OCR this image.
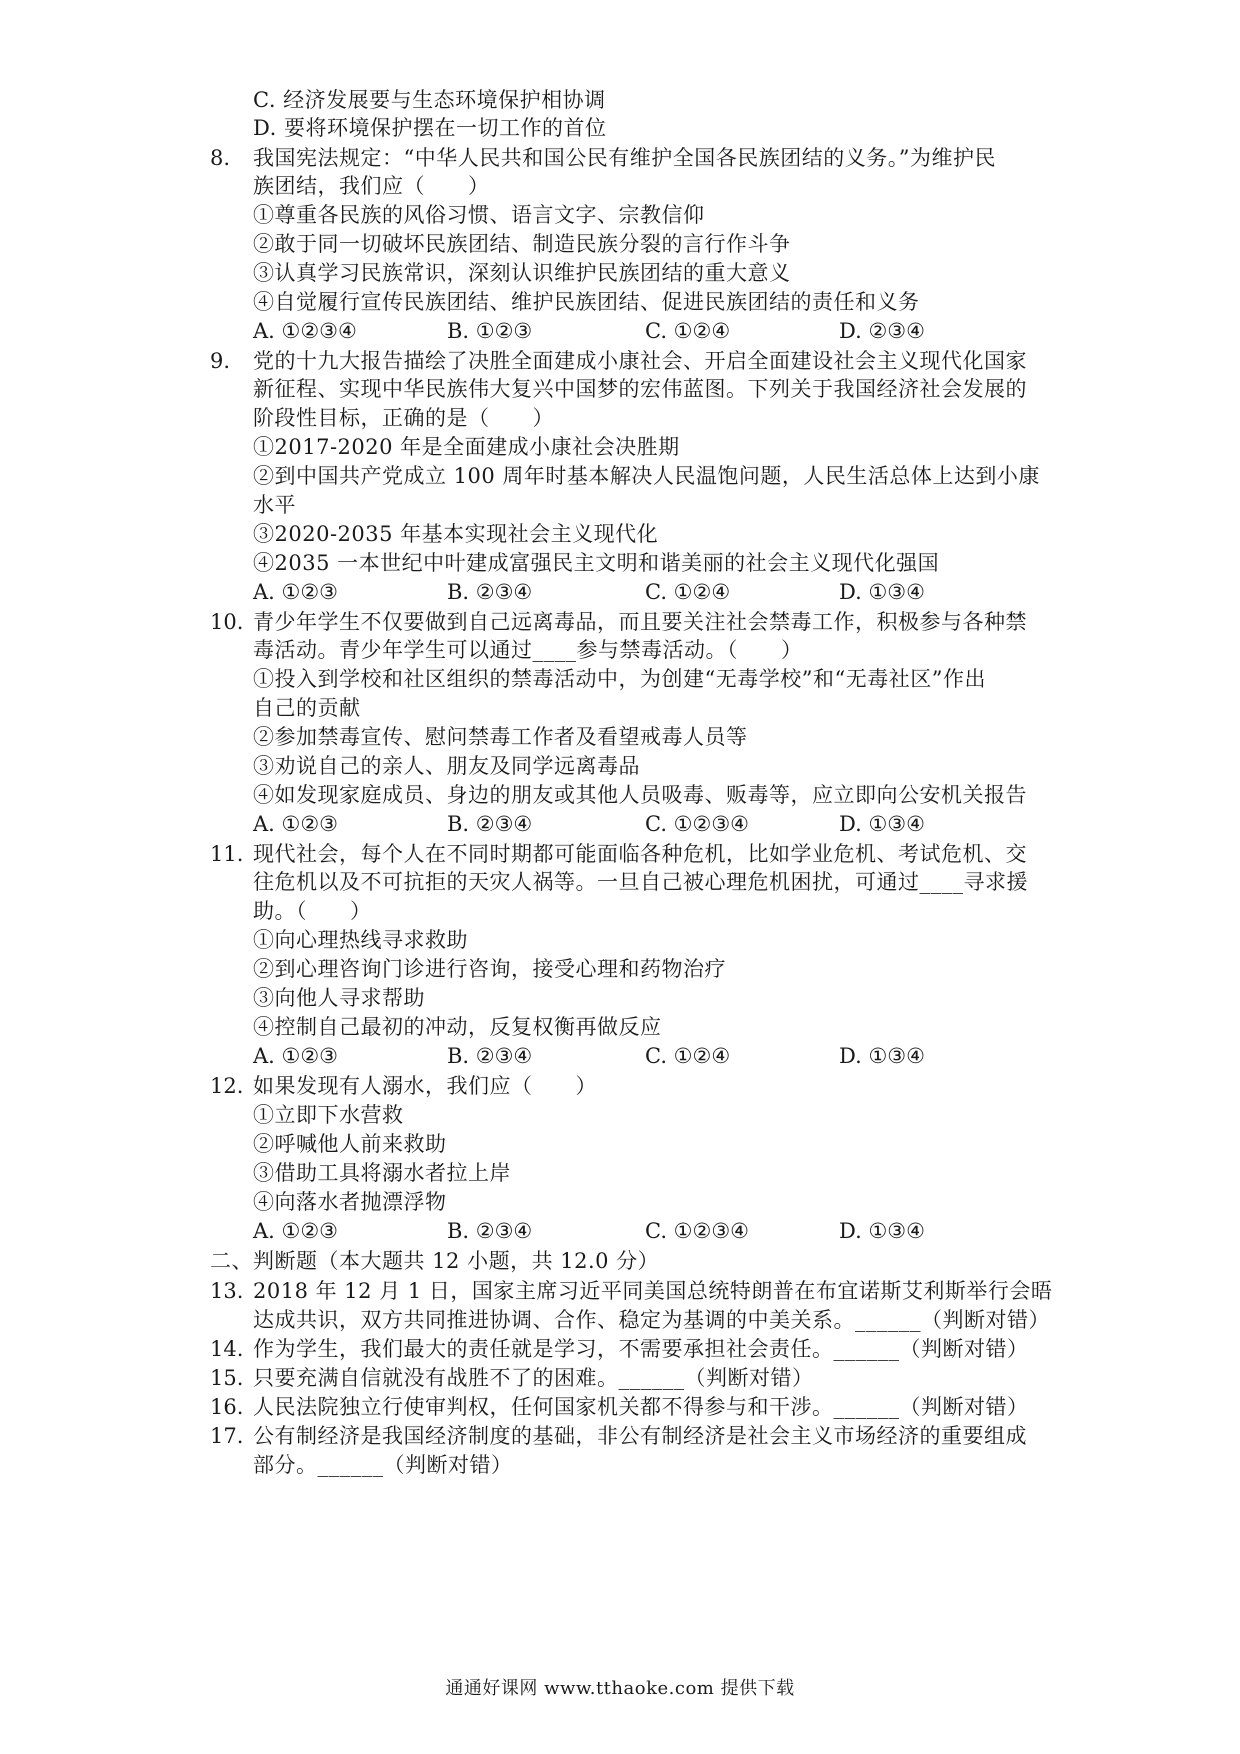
C. 经济发展要与生态环境保护相协调
D. 要将环境保护摆在一切工作的首位
8. 我国宪法规定：“中华人民共和国公民有维护全国各民族团结的义务。”为维护民
族团结，我们应（　　）
①尊重各民族的风俗习惯、语言文字、宗教信仰
②敢于同一切破坏民族团结、制造民族分裂的言行作斗争
③认真学习民族常识，深刻认识维护民族团结的重大意义
④自觉履行宣传民族团结、维护民族团结、促进民族团结的责任和义务
A. ①②③④	B. ①②③	C. ①②④	D. ②③④
9. 党的十九大报告描绘了决胜全面建成小康社会、开启全面建设社会主义现代化国家
新征程、实现中华民族伟大复兴中国梦的宏伟蓝图。下列关于我国经济社会发展的
阶段性目标，正确的是（　　）
①2017-2020 年是全面建成小康社会决胜期
②到中国共产党成立 100 周年时基本解决人民温饱问题，人民生活总体上达到小康
水平
③2020-2035 年基本实现社会主义现代化
④2035 一本世纪中叶建成富强民主文明和谐美丽的社会主义现代化强国
A. ①②③	B. ②③④	C. ①②④	D. ①③④
10. 青少年学生不仅要做到自己远离毒品，而且要关注社会禁毒工作，积极参与各种禁
毒活动。青少年学生可以通过____参与禁毒活动。（　　）
①投入到学校和社区组织的禁毒活动中，为创建“无毒学校”和“无毒社区”作出
自己的贡献
②参加禁毒宣传、慰问禁毒工作者及看望戒毒人员等
③劝说自己的亲人、朋友及同学远离毒品
④如发现家庭成员、身边的朋友或其他人员吸毒、贩毒等，应立即向公安机关报告
A. ①②③	B. ②③④	C. ①②③④	D. ①③④
11. 现代社会，每个人在不同时期都可能面临各种危机，比如学业危机、考试危机、交
往危机以及不可抗拒的天灾人祸等。一旦自己被心理危机困扰，可通过____寻求援
助。（　　）
①向心理热线寻求救助
②到心理咨询门诊进行咨询，接受心理和药物治疗
③向他人寻求帮助
④控制自己最初的冲动，反复权衡再做反应
A. ①②③	B. ②③④	C. ①②④	D. ①③④
12. 如果发现有人溺水，我们应（　　）
①立即下水营救
②呼喊他人前来救助
③借助工具将溺水者拉上岸
④向落水者抛漂浮物
A. ①②③	B. ②③④	C. ①②③④	D. ①③④
二、判断题（本大题共 12 小题，共 12.0 分）
13. 2018 年 12 月 1 日，国家主席习近平同美国总统特朗普在布宜诺斯艾利斯举行会晤
达成共识，双方共同推进协调、合作、稳定为基调的中美关系。______（判断对错）
14. 作为学生，我们最大的责任就是学习，不需要承担社会责任。______（判断对错）
15. 只要充满自信就没有战胜不了的困难。______（判断对错）
16. 人民法院独立行使审判权，任何国家机关都不得参与和干涉。______（判断对错）
17. 公有制经济是我国经济制度的基础，非公有制经济是社会主义市场经济的重要组成
部分。______（判断对错）
通通好课网 www.tthaoke.com 提供下载
